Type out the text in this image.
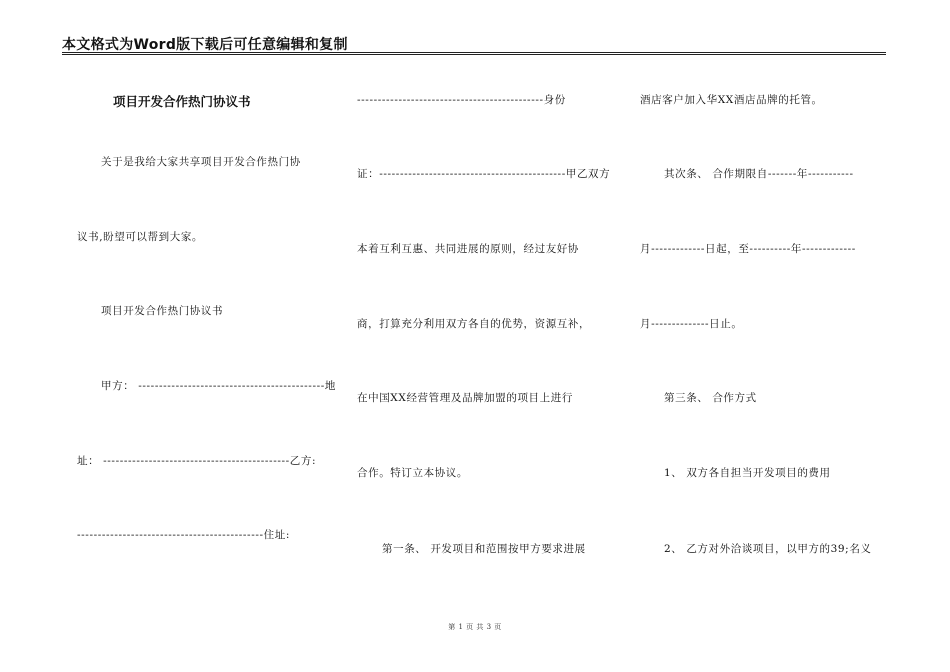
本文格式为Word版下载后可任意编辑和复制
项目开发合作热门协议书
关于是我给大家共享项目开发合作热门协
议书,盼望可以帮到大家。
项目开发合作热门协议书
甲方： ---------------------------------------------地
址： ---------------------------------------------乙方:
---------------------------------------------住址:
---------------------------------------------身份
证：---------------------------------------------甲乙双方
本着互利互惠、共同进展的原则，经过友好协
商，打算充分利用双方各自的优势，资源互补，
在中国XX经营管理及品牌加盟的项目上进行
合作。特订立本协议。
第一条、 开发项目和范围按甲方要求进展
酒店客户加入华XX酒店品牌的托管。
其次条、 合作期限自-------年-----------
月-------------日起，至----------年-------------
月--------------日止。
第三条、 合作方式
1、 双方各自担当开发项目的费用
2、 乙方对外洽谈项目，以甲方的39;名义
第 1 页 共 3 页
